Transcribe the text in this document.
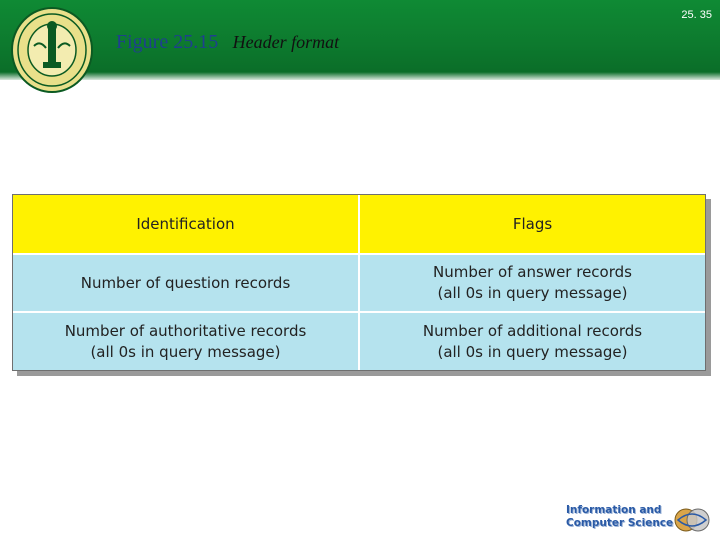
25. 35
Figure 25.15 Header format
Identification	Flags
Number of question records
Number of answer records
(all 0s in query message)
Number of authoritative records
(all 0s in query message)
Number of additional records
(all 0s in query message)
Information and
Computer Science
